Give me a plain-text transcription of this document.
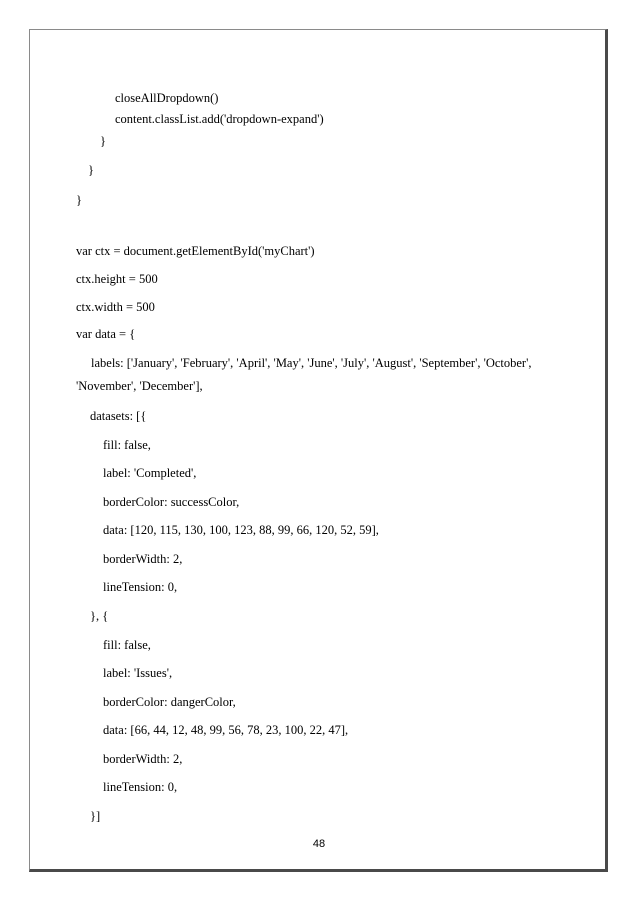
closeAllDropdown()
content.classList.add('dropdown-expand')
}
}
}
var ctx = document.getElementById('myChart')
ctx.height = 500
ctx.width = 500
var data = {
labels: ['January', 'February', 'April', 'May', 'June', 'July', 'August', 'September', 'October',
'November', 'December'],
datasets: [{
fill: false,
label: 'Completed',
borderColor: successColor,
data: [120, 115, 130, 100, 123, 88, 99, 66, 120, 52, 59],
borderWidth: 2,
lineTension: 0,
}, {
fill: false,
label: 'Issues',
borderColor: dangerColor,
data: [66, 44, 12, 48, 99, 56, 78, 23, 100, 22, 47],
borderWidth: 2,
lineTension: 0,
}]
48
